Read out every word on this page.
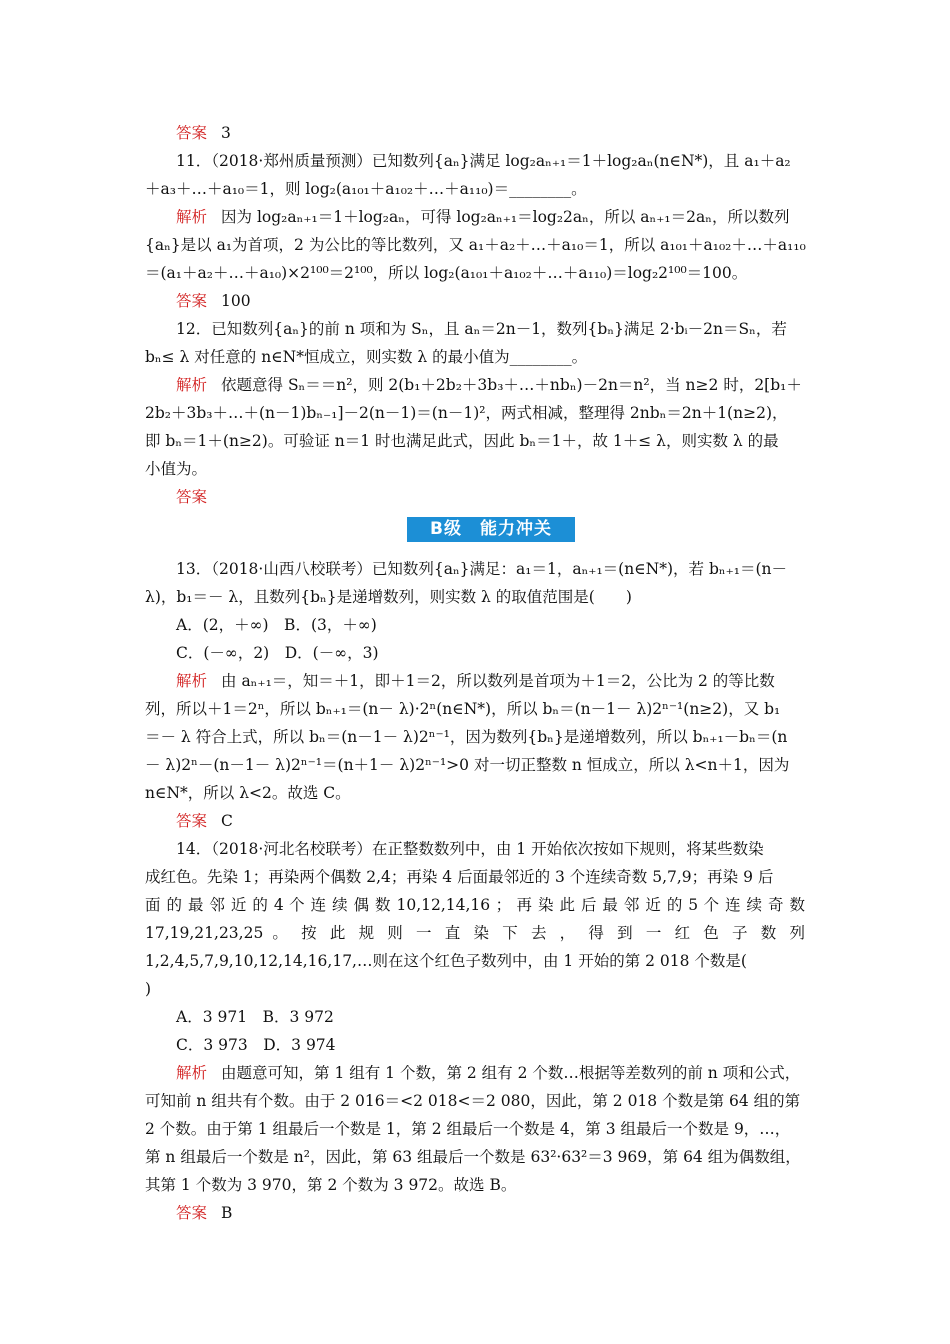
答案 3
11．（2018·郑州质量预测）已知数列{aₙ}满足 log₂aₙ₊₁＝1＋log₂aₙ(n∈N*)，且 a₁＋a₂
＋a₃＋…＋a₁₀＝1，则 log₂(a₁₀₁＋a₁₀₂＋…＋a₁₁₀)＝________。
解析 因为 log₂aₙ₊₁＝1＋log₂aₙ，可得 log₂aₙ₊₁＝log₂2aₙ，所以 aₙ₊₁＝2aₙ，所以数列
{aₙ}是以 a₁为首项，2 为公比的等比数列，又 a₁＋a₂＋…＋a₁₀＝1，所以 a₁₀₁＋a₁₀₂＋…＋a₁₁₀
＝(a₁＋a₂＋…＋a₁₀)×2¹⁰⁰＝2¹⁰⁰，所以 log₂(a₁₀₁＋a₁₀₂＋…＋a₁₁₀)＝log₂2¹⁰⁰＝100。
答案 100
12．已知数列{aₙ}的前 n 项和为 Sₙ，且 aₙ＝2n－1，数列{bₙ}满足 2·bᵢ－2n＝Sₙ，若
bₙ≤ λ 对任意的 n∈N*恒成立，则实数 λ 的最小值为________。
解析 依题意得 Sₙ＝＝n²，则 2(b₁＋2b₂＋3b₃＋…＋nbₙ)－2n＝n²，当 n≥2 时，2[b₁＋
2b₂＋3b₃＋…＋(n－1)bₙ₋₁]－2(n－1)＝(n－1)²，两式相减，整理得 2nbₙ＝2n＋1(n≥2)，
即 bₙ＝1＋(n≥2)。可验证 n＝1 时也满足此式，因此 bₙ＝1＋，故 1＋≤ λ，则实数 λ 的最
小值为。
答案
B级　能力冲关
13．（2018·山西八校联考）已知数列{aₙ}满足：a₁＝1，aₙ₊₁＝(n∈N*)，若 bₙ₊₁＝(n－
λ)，b₁＝－ λ，且数列{bₙ}是递增数列，则实数 λ 的取值范围是(　　)
A．(2，＋∞)　B．(3，＋∞)
C．(－∞，2)　D．(－∞，3)
解析 由 aₙ₊₁＝，知＝＋1，即＋1＝2，所以数列是首项为＋1＝2，公比为 2 的等比数
列，所以＋1＝2ⁿ，所以 bₙ₊₁＝(n－ λ)·2ⁿ(n∈N*)，所以 bₙ＝(n－1－ λ)2ⁿ⁻¹(n≥2)，又 b₁
＝－ λ 符合上式，所以 bₙ＝(n－1－ λ)2ⁿ⁻¹，因为数列{bₙ}是递增数列，所以 bₙ₊₁－bₙ＝(n
－ λ)2ⁿ－(n－1－ λ)2ⁿ⁻¹＝(n＋1－ λ)2ⁿ⁻¹>0 对一切正整数 n 恒成立，所以 λ<n＋1，因为
n∈N*，所以 λ<2。故选 C。
答案 C
14．（2018·河北名校联考）在正整数数列中，由 1 开始依次按如下规则，将某些数染
成红色。先染 1；再染两个偶数 2,4；再染 4 后面最邻近的 3 个连续奇数 5,7,9；再染 9 后
面 的 最 邻 近 的 4 个 连 续 偶 数 10,12,14,16 ； 再 染 此 后 最 邻 近 的 5 个 连 续 奇 数
17,19,21,23,25 。 按 此 规 则 一 直 染 下 去 ， 得 到 一 红 色 子 数 列
1,2,4,5,7,9,10,12,14,16,17,…则在这个红色子数列中，由 1 开始的第 2 018 个数是(
)
A．3 971　B．3 972
C．3 973　D．3 974
解析 由题意可知，第 1 组有 1 个数，第 2 组有 2 个数…根据等差数列的前 n 项和公式，
可知前 n 组共有个数。由于 2 016＝<2 018<＝2 080，因此，第 2 018 个数是第 64 组的第
2 个数。由于第 1 组最后一个数是 1，第 2 组最后一个数是 4，第 3 组最后一个数是 9，…，
第 n 组最后一个数是 n²，因此，第 63 组最后一个数是 63²·63²＝3 969，第 64 组为偶数组，
其第 1 个数为 3 970，第 2 个数为 3 972。故选 B。
答案 B
